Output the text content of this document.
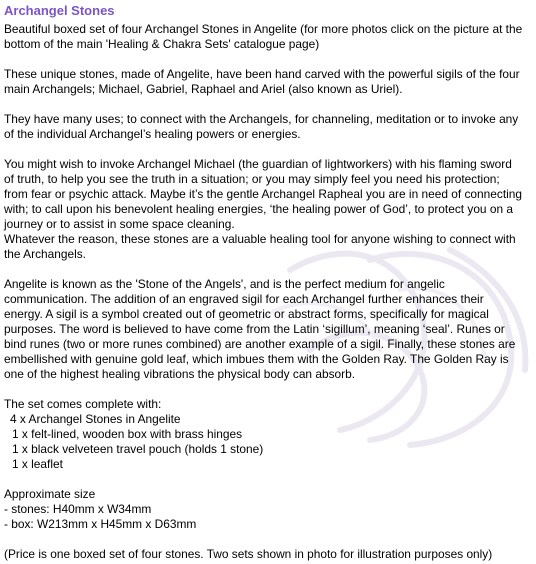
Archangel Stones

Beautiful boxed set of four Archangel Stones in Angelite (for more photos click on the picture at the bottom of the main 'Healing & Chakra Sets' catalogue page)

These unique stones, made of Angelite, have been hand carved with the powerful sigils of the four main Archangels; Michael, Gabriel, Raphael and Ariel (also known as Uriel).

They have many uses; to connect with the Archangels, for channeling, meditation or to invoke any of the individual Archangel’s healing powers or energies.

You might wish to invoke Archangel Michael (the guardian of lightworkers) with his flaming sword of truth, to help you see the truth in a situation; or you may simply feel you need his protection; from fear or psychic attack. Maybe it’s the gentle Archangel Rapheal you are in need of connecting with; to call upon his benevolent healing energies, ‘the healing power of God’, to protect you on a journey or to assist in some space cleaning.

Whatever the reason, these stones are a valuable healing tool for anyone wishing to connect with the Archangels.

Angelite is known as the 'Stone of the Angels', and is the perfect medium for angelic communication. The addition of an engraved sigil for each Archangel further enhances their energy. A sigil is a symbol created out of geometric or abstract forms, specifically for magical purposes. The word is believed to have come from the Latin ‘sigillum’, meaning ‘seal’. Runes or bind runes (two or more runes combined) are another example of a sigil. Finally, these stones are embellished with genuine gold leaf, which imbues them with the Golden Ray. The Golden Ray is one of the highest healing vibrations the physical body can absorb.

The set comes complete with:
4 x Archangel Stones in Angelite
1 x felt-lined, wooden box with brass hinges
1 x black velveteen travel pouch (holds 1 stone)
1 x leaflet
Approximate size
- stones: H40mm x W34mm
- box: W213mm x H45mm x D63mm
(Price is one boxed set of four stones. Two sets shown in photo for illustration purposes only)
